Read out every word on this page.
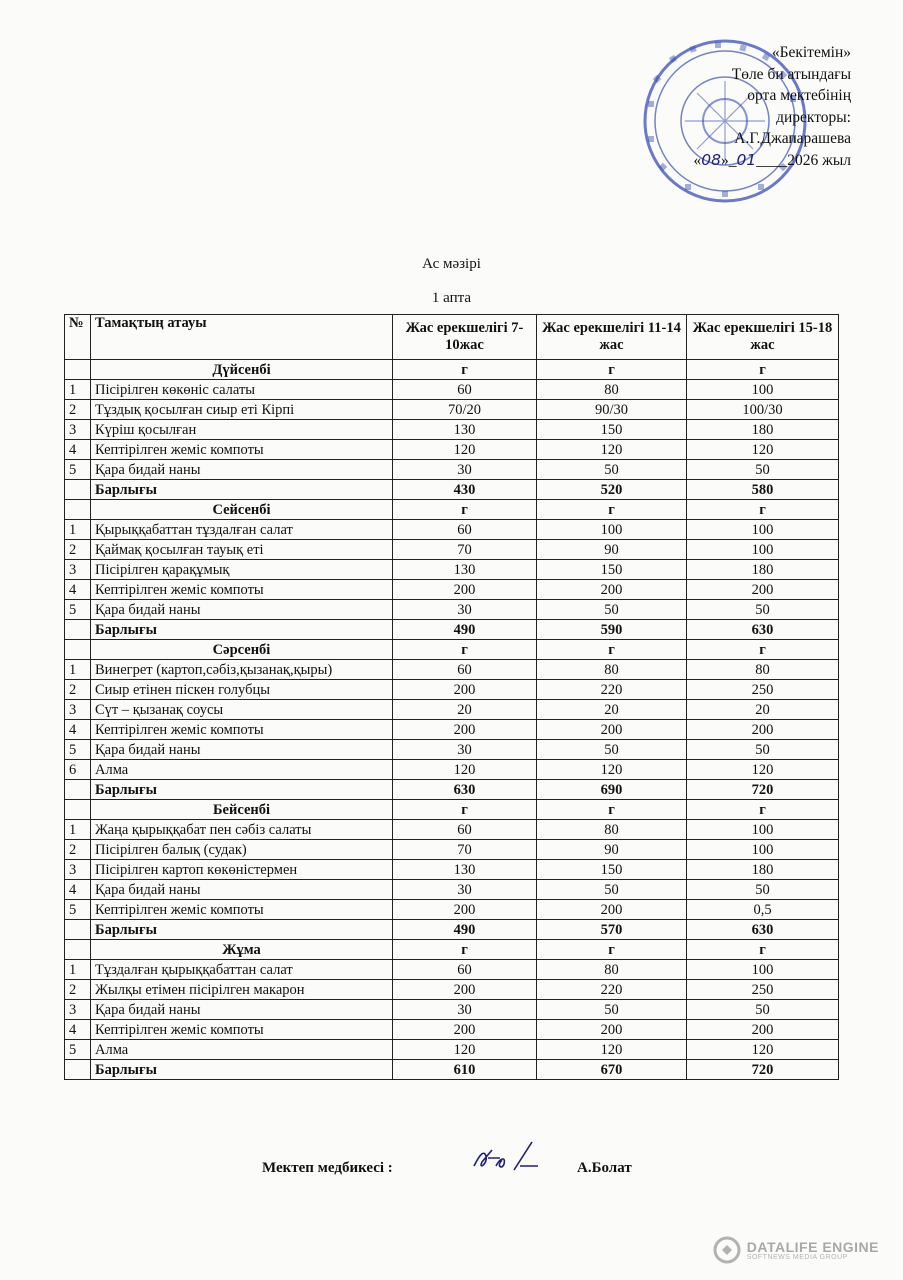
«Бекітемін»
Төле би атындағы
орта мектебінің
директоры:
А.Г.Джапарашева
«08»_01____2026 жыл
Ас мәзірі
1 апта
№	Тамақтың атауы	Жас ерекшелігі 7-10жас	Жас ерекшелігі 11-14 жас	Жас ерекшелігі 15-18 жас
	Дүйсенбі	г	г	г
1	Пісірілген көкөніс салаты	60	80	100
2	Тұздық қосылған сиыр еті Кірпі	70/20	90/30	100/30
3	Күріш қосылған	130	150	180
4	Кептірілген жеміс компоты	120	120	120
5	Қара бидай наны	30	50	50
	Барлығы	430	520	580
	Сейсенбі	г	г	г
1	Қырыққабаттан тұздалған салат	60	100	100
2	Қаймақ қосылған тауық еті	70	90	100
3	Пісірілген қарақұмық	130	150	180
4	Кептірілген жеміс компоты	200	200	200
5	Қара бидай наны	30	50	50
	Барлығы	490	590	630
	Сәрсенбі	г	г	г
1	Винегрет (картоп,сәбіз,қызанақ,қыры)	60	80	80
2	Сиыр етінен піскен голубцы	200	220	250
3	Сүт – қызанақ соусы	20	20	20
4	Кептірілген жеміс компоты	200	200	200
5	Қара бидай наны	30	50	50
6	Алма	120	120	120
	Барлығы	630	690	720
	Бейсенбі	г	г	г
1	Жаңа қырыққабат пен сәбіз салаты	60	80	100
2	Пісірілген балық (судак)	70	90	100
3	Пісірілген картоп көкөністермен	130	150	180
4	Қара бидай наны	30	50	50
5	Кептірілген жеміс компоты	200	200	0,5
	Барлығы	490	570	630
	Жұма	г	г	г
1	Тұздалған қырыққабаттан салат	60	80	100
2	Жылқы етімен пісірілген макарон	200	220	250
3	Қара бидай наны	30	50	50
4	Кептірілген жеміс компоты	200	200	200
5	Алма	120	120	120
	Барлығы	610	670	720
Мектеп медбикесі :	А.Болат
DATALIFE ENGINE
SOFTNEWS MEDIA GROUP
